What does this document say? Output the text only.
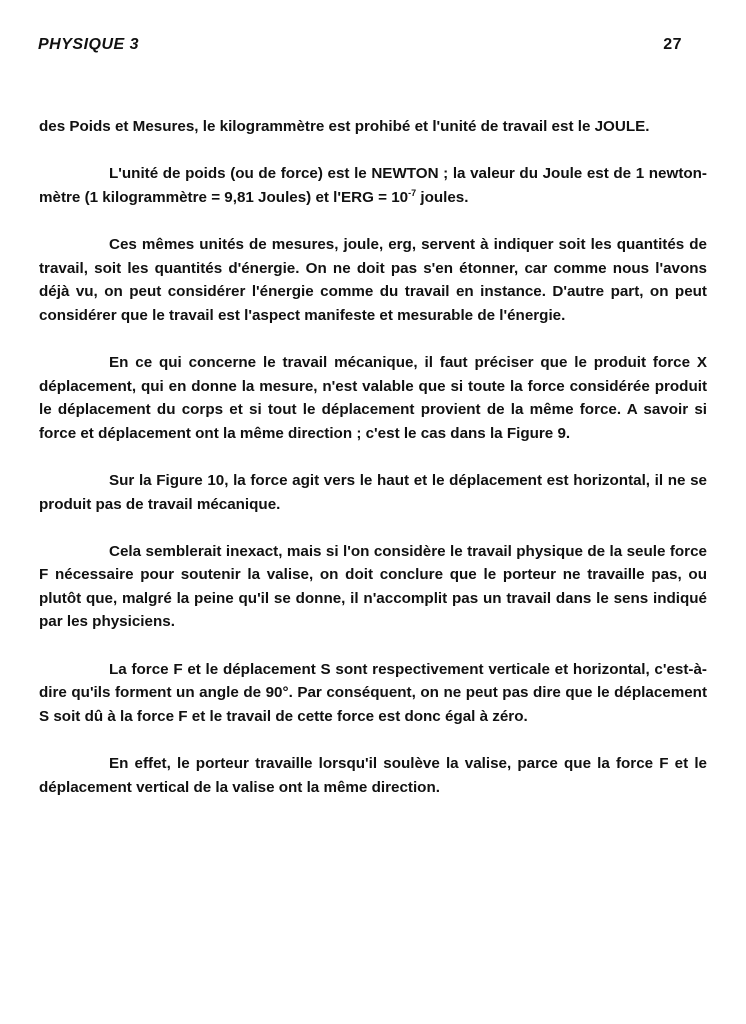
PHYSIQUE 3	27

des Poids et Mesures, le kilogrammètre est prohibé et l'unité de travail est le JOULE.

L'unité de poids (ou de force) est le NEWTON ; la valeur du Joule est de 1 newton-mètre (1 kilogrammètre = 9,81 Joules) et $l'ERG = 10^{-7}$ joules.

Ces mêmes unités de mesures, joule, erg, servent à indiquer soit les quantités de travail, soit les quantités d'énergie. On ne doit pas s'en étonner, car comme nous l'avons déjà vu, on peut considérer l'énergie comme du travail en instance. D'autre part, on peut considérer que le travail est l'aspect manifeste et mesurable de l'énergie.

En ce qui concerne le travail mécanique, il faut préciser que le produit force X déplacement, qui en donne la mesure, n'est valable que si toute la force considérée produit le déplacement du corps et si tout le déplacement provient de la même force. A savoir si force et déplacement ont la même direction ; c'est le cas dans la Figure 9.

Sur la Figure 10, la force agit vers le haut et le déplacement est horizontal, il ne se produit pas de travail mécanique.

Cela semblerait inexact, mais si l'on considère le travail physique de la seule force F nécessaire pour soutenir la valise, on doit conclure que le porteur ne travaille pas, ou plutôt que, malgré la peine qu'il se donne, il n'accomplit pas un travail dans le sens indiqué par les physiciens.

La force F et le déplacement S sont respectivement verticale et horizontal, c'est-à-dire qu'ils forment un angle de 90°. Par conséquent, on ne peut pas dire que le déplacement S soit dû à la force F et le travail de cette force est donc égal à zéro.

En effet, le porteur travaille lorsqu'il soulève la valise, parce que la force F et le déplacement vertical de la valise ont la même direction.
